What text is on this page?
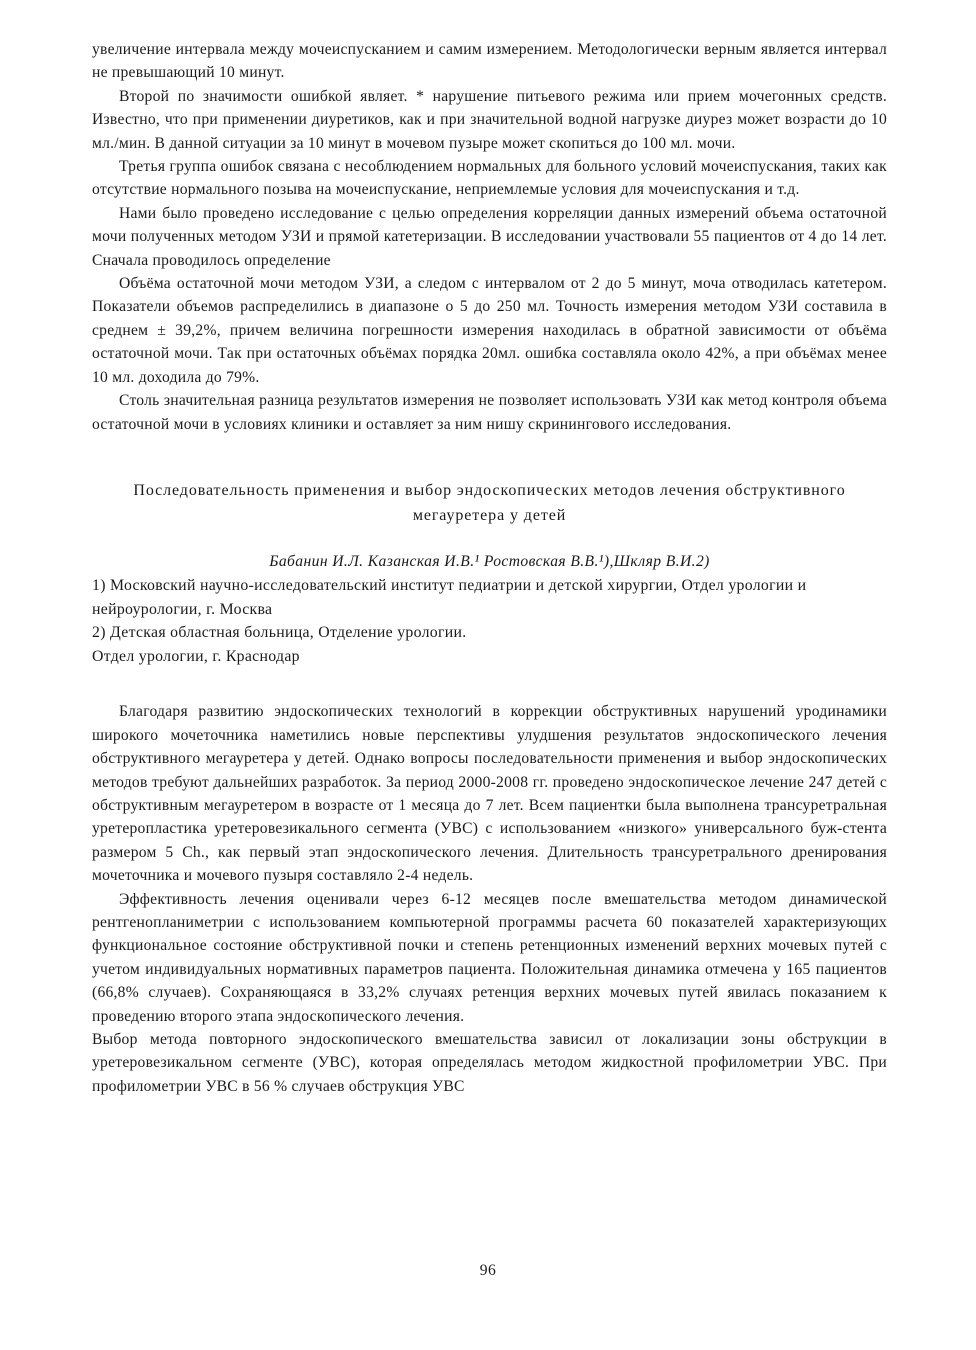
увеличение интервала между мочеиспусканием и самим измерением. Методологически верным является интервал не превышающий 10 минут.

Второй по значимости ошибкой являет. * нарушение питьевого режима или прием мочегонных средств. Известно, что при применении диуретиков, как и при значительной водной нагрузке диурез может возрасти до 10 мл./мин. В данной ситуации за 10 минут в мочевом пузыре может скопиться до 100 мл. мочи.

Третья группа ошибок связана с несоблюдением нормальных для больного условий мочеиспускания, таких как отсутствие нормального позыва на мочеиспускание, неприемлемые условия для мочеиспускания и т.д.

Нами было проведено исследование с целью определения корреляции данных измерений объема остаточной мочи полученных методом УЗИ и прямой катетеризации. В исследовании участвовали 55 пациентов от 4 до 14 лет. Сначала проводилось определение

Объёма остаточной мочи методом УЗИ, а следом с интервалом от 2 до 5 минут, моча отводилась катетером. Показатели объемов распределились в диапазоне о 5 до 250 мл. Точность измерения методом УЗИ составила в среднем ± 39,2%, причем величина погрешности измерения находилась в обратной зависимости от объёма остаточной мочи. Так при остаточных объёмах порядка 20мл. ошибка составляла около 42%, а при объёмах менее 10 мл. доходила до 79%.

Столь значительная разница результатов измерения не позволяет использовать УЗИ как метод контроля объема остаточной мочи в условиях клиники и оставляет за ним нишу скринингового исследования.

Последовательность применения и выбор эндоскопических методов лечения обструктивного мегауретера у детей

Бабанин И.Л. Казанская И.В.¹ Ростовская В.В.¹),Шкляр В.И.2)

1) Московский научно-исследовательский институт педиатрии и детской хирургии, Отдел урологии и нейроурологии, г. Москва

2) Детская областная больница, Отделение урологии.

Отдел урологии, г. Краснодар

Благодаря развитию эндоскопических технологий в коррекции обструктивных нарушений уродинамики широкого мочеточника наметились новые перспективы улудшения результатов эндоскопического лечения обструктивного мегауретера у детей. Однако вопросы последовательности применения и выбор эндоскопических методов требуют дальнейших разработок. За период 2000-2008 гг. проведено эндоскопическое лечение 247 детей с обструктивным мегауретером в возрасте от 1 месяца до 7 лет. Всем пациентки была выполнена трансуретральная уретеропластика уретеровезикального сегмента (УВС) с использованием «низкого» универсального буж-стента размером 5 Ch., как первый этап эндоскопического лечения. Длительность трансуретрального дренирования мочеточника и мочевого пузыря составляло 2-4 недель.

Эффективность лечения оценивали через 6-12 месяцев после вмешательства методом динамической рентгенопланиметрии с использованием компьютерной программы расчета 60 показателей характеризующих функциональное состояние обструктивной почки и степень ретенционных изменений верхних мочевых путей с учетом индивидуальных нормативных параметров пациента. Положительная динамика отмечена у 165 пациентов (66,8% случаев). Сохраняющаяся в 33,2% случаях ретенция верхних мочевых путей явилась показанием к проведению второго этапа эндоскопического лечения.

Выбор метода повторного эндоскопического вмешательства зависил от локализации зоны обструкции в уретеровезикальном сегменте (УВС), которая определялась методом жидкостной профилометрии УВС. При профилометрии УВС в 56 % случаев обструкция УВС

96
